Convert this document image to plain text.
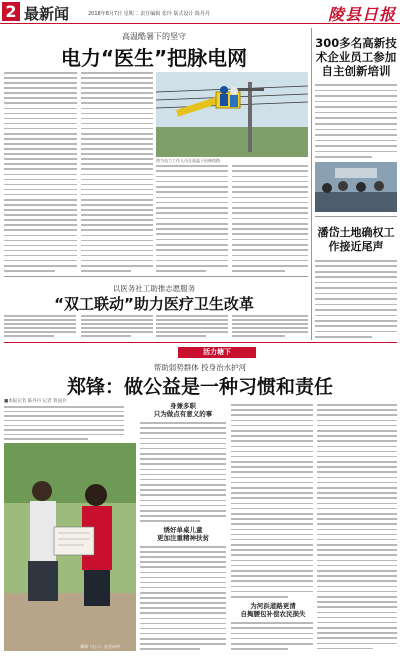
2 最新闻	2018年8月7日 星期二 责任编辑 张玲 版式设计 陈丹丹	陵县日报
高温酷暑下的坚守
电力“医生”把脉电网
图为电力工作人员在高温下检修线路
以医务社工助推志愿服务
“双工联动”助力医疗卫生改革
300多名高新技术企业员工参加自主创新培训
潘岱土地确权工作接近尾声
活力塘下
帮助弱势群体 投身治水护河
郑锋：做公益是一种习惯和责任
■本报记者 陈丹丹 记者 蒋国兵
郑锋（右二）在活动中
身兼多职
只为做点有意义的事
绣好单桌儿童
更加注重精神扶贫
为河浜道路更清
自掏腰包补偿农民损失
